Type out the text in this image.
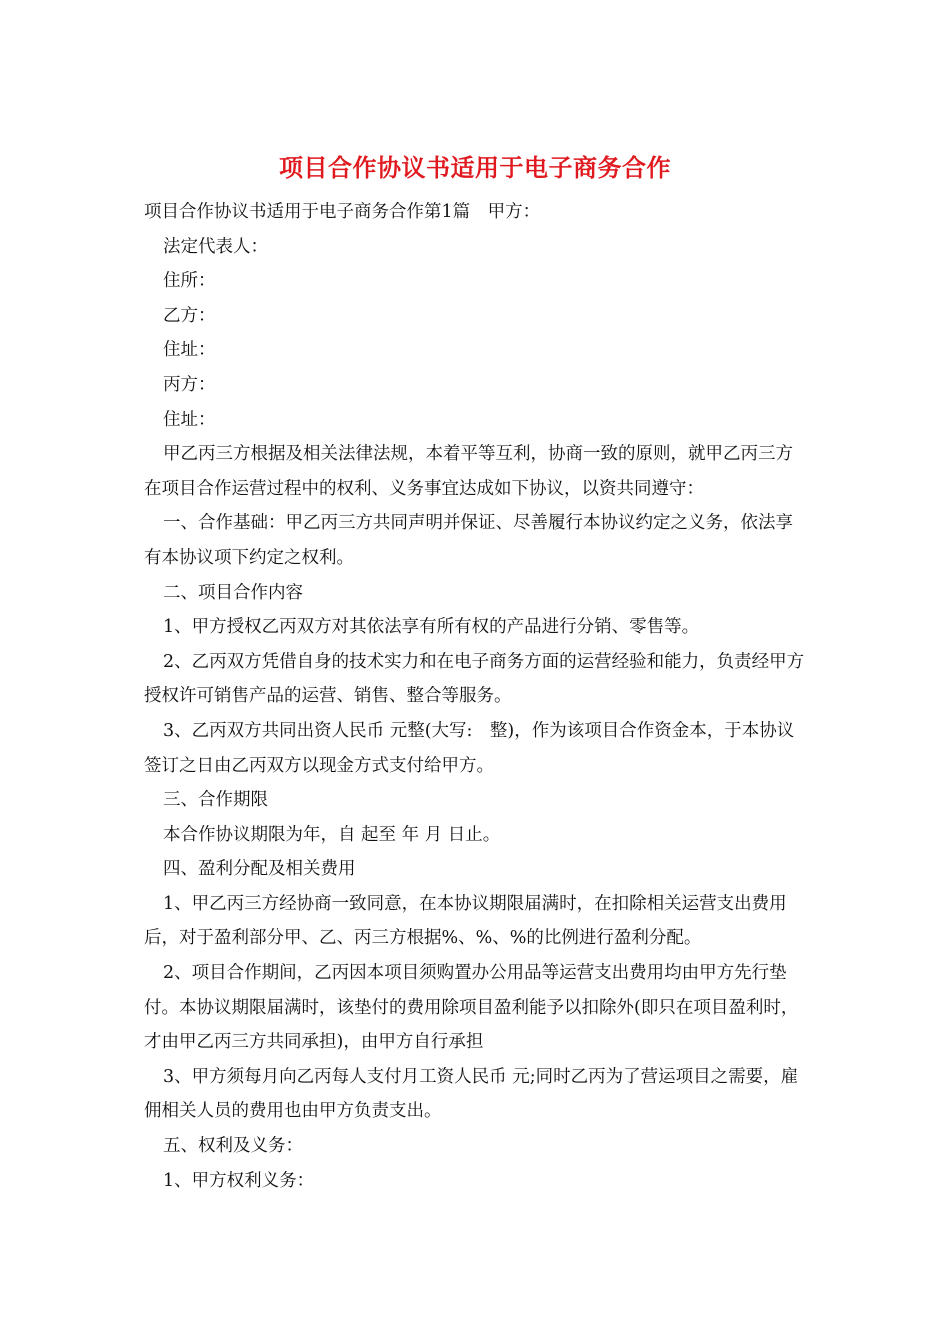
项目合作协议书适用于电子商务合作

项目合作协议书适用于电子商务合作第1篇　甲方：

法定代表人：

住所：

乙方：

住址：

丙方：

住址：

甲乙丙三方根据及相关法律法规，本着平等互利，协商一致的原则，就甲乙丙三方在项目合作运营过程中的权利、义务事宜达成如下协议，以资共同遵守：

一、合作基础：甲乙丙三方共同声明并保证、尽善履行本协议约定之义务，依法享有本协议项下约定之权利。

二、项目合作内容

1、甲方授权乙丙双方对其依法享有所有权的产品进行分销、零售等。

2、乙丙双方凭借自身的技术实力和在电子商务方面的运营经验和能力，负责经甲方授权许可销售产品的运营、销售、整合等服务。

3、乙丙双方共同出资人民币 元整(大写:　整)，作为该项目合作资金本，于本协议签订之日由乙丙双方以现金方式支付给甲方。

三、合作期限

本合作协议期限为年，自 起至 年 月 日止。

四、盈利分配及相关费用

1、甲乙丙三方经协商一致同意，在本协议期限届满时，在扣除相关运营支出费用后，对于盈利部分甲、乙、丙三方根据%、%、%的比例进行盈利分配。

2、项目合作期间，乙丙因本项目须购置办公用品等运营支出费用均由甲方先行垫付。本协议期限届满时，该垫付的费用除项目盈利能予以扣除外(即只在项目盈利时，才由甲乙丙三方共同承担)，由甲方自行承担

3、甲方须每月向乙丙每人支付月工资人民币 元;同时乙丙为了营运项目之需要，雇佣相关人员的费用也由甲方负责支出。

五、权利及义务：

1、甲方权利义务：
